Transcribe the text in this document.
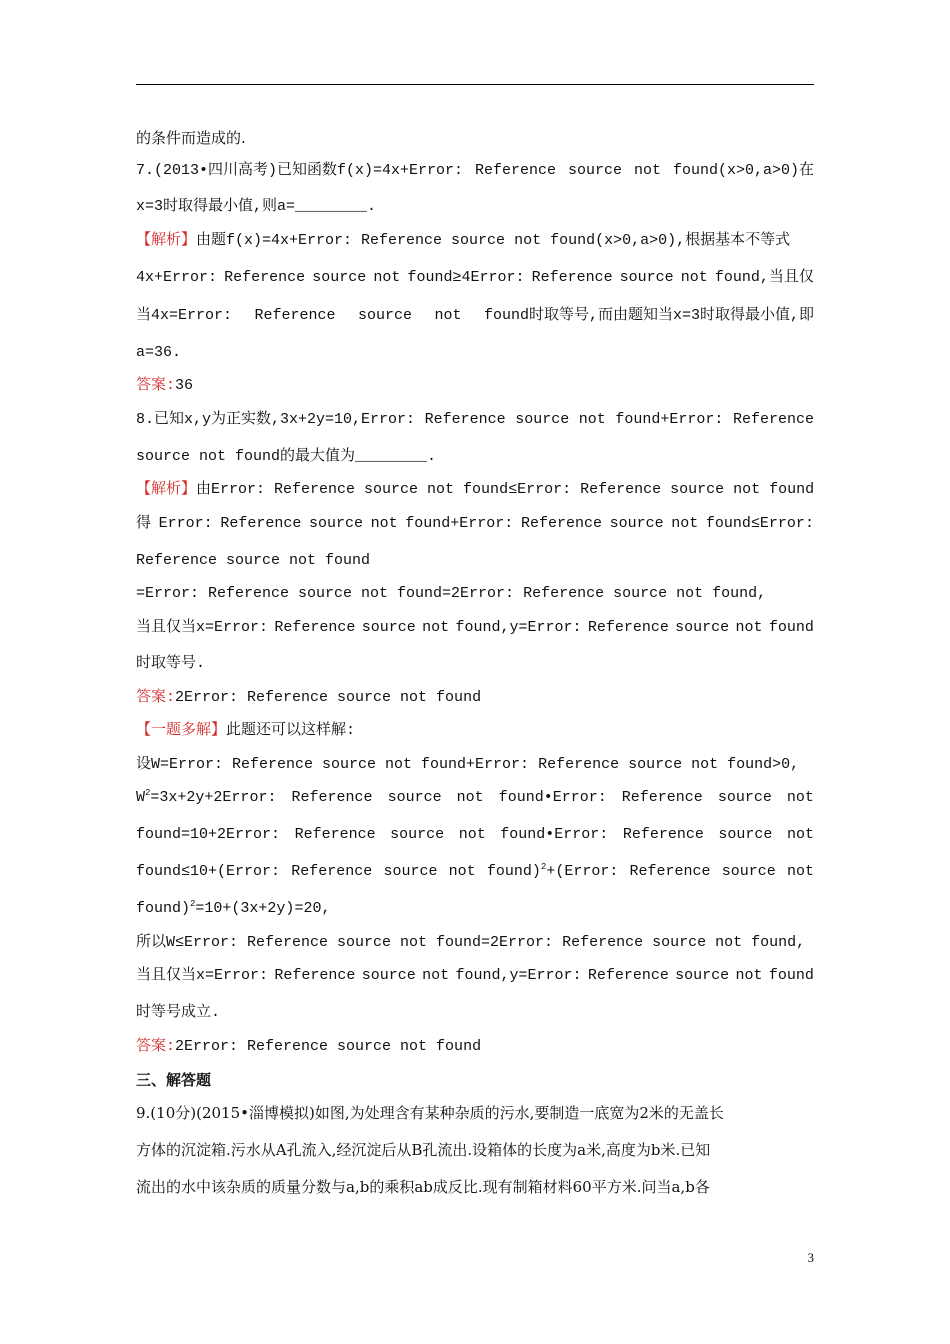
的条件而造成的.
7.(2013•四川高考)已知函数f(x)=4x+Error: Reference source not found(x>0,a>0)在
x=3时取得最小值,则a=________.
【解析】由题f(x)=4x+Error: Reference source not found(x>0,a>0),根据基本不等式
4x+Error: Reference source not found≥4Error: Reference source not found,当且仅
当4x=Error: Reference source not found时取等号,而由题知当x=3时取得最小值,即
a=36.
答案:36
8.已知x,y为正实数,3x+2y=10,Error: Reference source not found+Error: Reference
source not found的最大值为________.
【解析】由Error: Reference source not found≤Error: Reference source not found
得 Error: Reference source not found+Error: Reference source not found≤Error:
Reference source not found
=Error: Reference source not found=2Error: Reference source not found,
当且仅当x=Error: Reference source not found,y=Error: Reference source not found
时取等号.
答案:2Error: Reference source not found
【一题多解】此题还可以这样解:
设W=Error: Reference source not found+Error: Reference source not found>0,
$W^2=3x+2y+2Error$: Reference source not found•Error: Reference source not
found=10+2Error: Reference source not found•Error: Reference source not
found≤10+(Error: Reference source not found)$^2$+(Error: Reference source not
found)$^2$=10+(3x+2y)=20,
所以W≤Error: Reference source not found=2Error: Reference source not found,
当且仅当x=Error: Reference source not found,y=Error: Reference source not found
时等号成立.
答案:2Error: Reference source not found
三、解答题
9.(10分)(2015•淄博模拟)如图,为处理含有某种杂质的污水,要制造一底宽为2米的无盖长
方体的沉淀箱.污水从A孔流入,经沉淀后从B孔流出.设箱体的长度为a米,高度为b米.已知
流出的水中该杂质的质量分数与a,b的乘积ab成反比.现有制箱材料60平方米.问当a,b各
3
